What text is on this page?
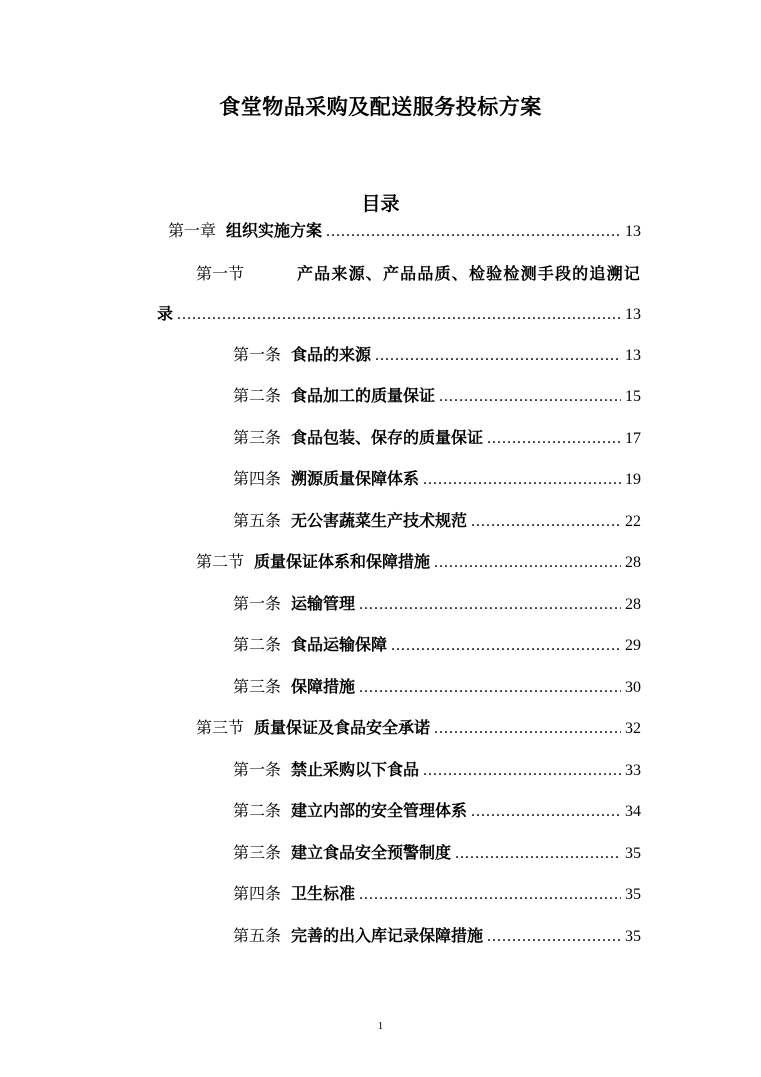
食堂物品采购及配送服务投标方案
目录
第一章 组织实施方案 .....	13
第一节	产品来源、产品品质、检验检测手段的追溯记
录 .....	13
第一条 食品的来源 .....	13
第二条 食品加工的质量保证 .....	15
第三条 食品包装、保存的质量保证 .....	17
第四条 溯源质量保障体系 .....	19
第五条 无公害蔬菜生产技术规范 .....	22
第二节 质量保证体系和保障措施 .....	28
第一条 运输管理 .....	28
第二条 食品运输保障 .....	29
第三条 保障措施 .....	30
第三节 质量保证及食品安全承诺 .....	32
第一条 禁止采购以下食品 .....	33
第二条 建立内部的安全管理体系 .....	34
第三条 建立食品安全预警制度 .....	35
第四条 卫生标准 .....	35
第五条 完善的出入库记录保障措施 .....	35
1
